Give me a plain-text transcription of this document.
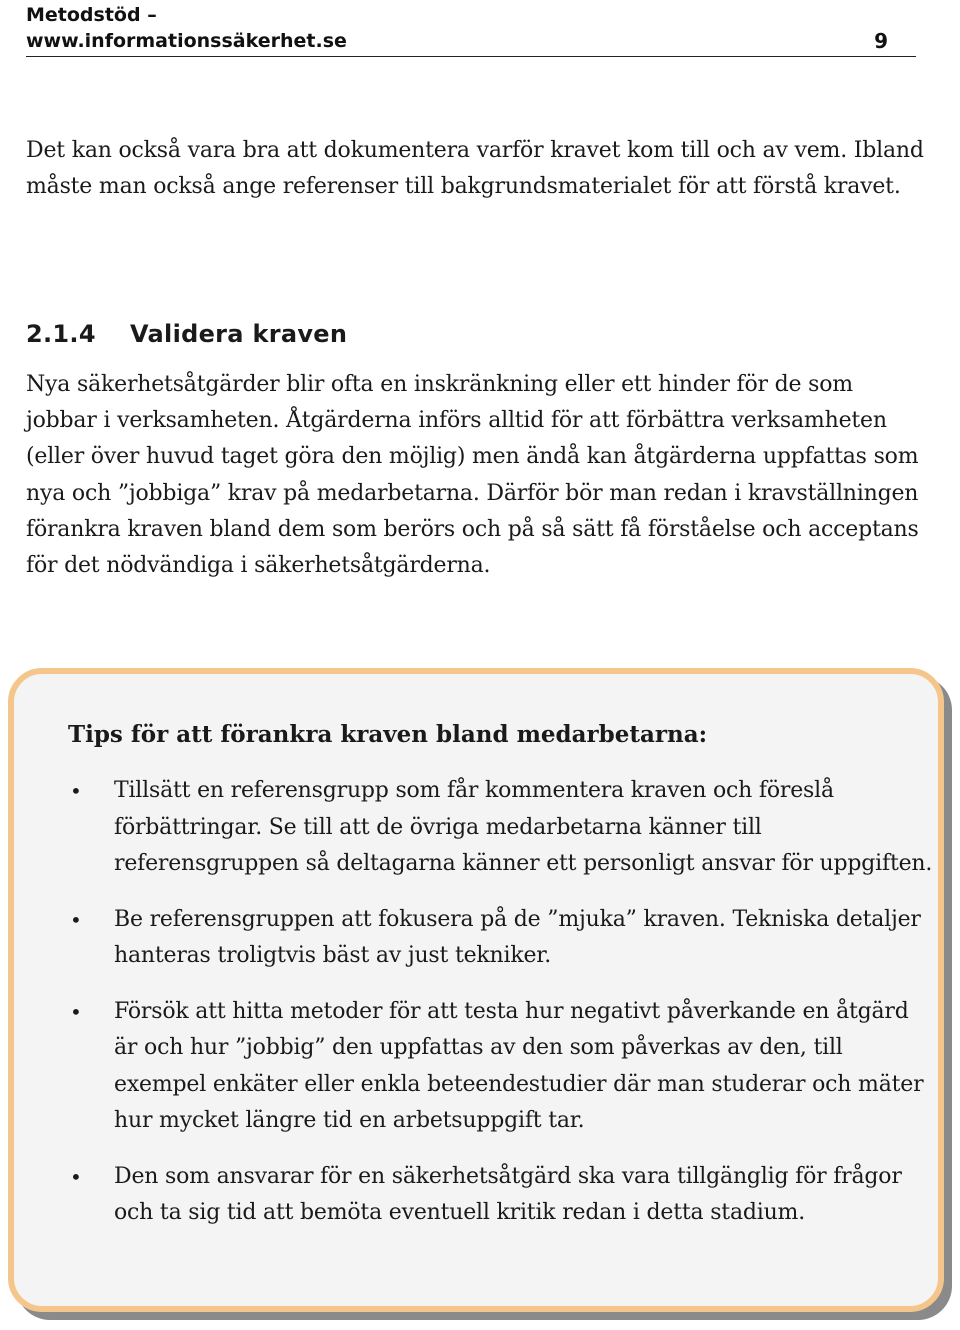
Metodstöd –
www.informationssäkerhet.se	9

Det kan också vara bra att dokumentera varför kravet kom till och av vem. Ibland måste man också ange referenser till bakgrundsmaterialet för att förstå kravet.

2.1.4 Validera kraven

Nya säkerhetsåtgärder blir ofta en inskränkning eller ett hinder för de som jobbar i verksamheten. Åtgärderna införs alltid för att förbättra verksamheten (eller över huvud taget göra den möjlig) men ändå kan åtgärderna uppfattas som nya och ”jobbiga” krav på medarbetarna. Därför bör man redan i kravställningen förankra kraven bland dem som berörs och på så sätt få förståelse och acceptans för det nödvändiga i säkerhetsåtgärderna.

Tips för att förankra kraven bland medarbetarna:
• Tillsätt en referensgrupp som får kommentera kraven och föreslå förbättringar. Se till att de övriga medarbetarna känner till referensgruppen så deltagarna känner ett personligt ansvar för uppgiften.
• Be referensgruppen att fokusera på de ”mjuka” kraven. Tekniska detaljer hanteras troligtvis bäst av just tekniker.
• Försök att hitta metoder för att testa hur negativt påverkande en åtgärd är och hur ”jobbig” den uppfattas av den som påverkas av den, till exempel enkäter eller enkla beteendestudier där man studerar och mäter hur mycket längre tid en arbetsuppgift tar.
• Den som ansvarar för en säkerhetsåtgärd ska vara tillgänglig för frågor och ta sig tid att bemöta eventuell kritik redan i detta stadium.
